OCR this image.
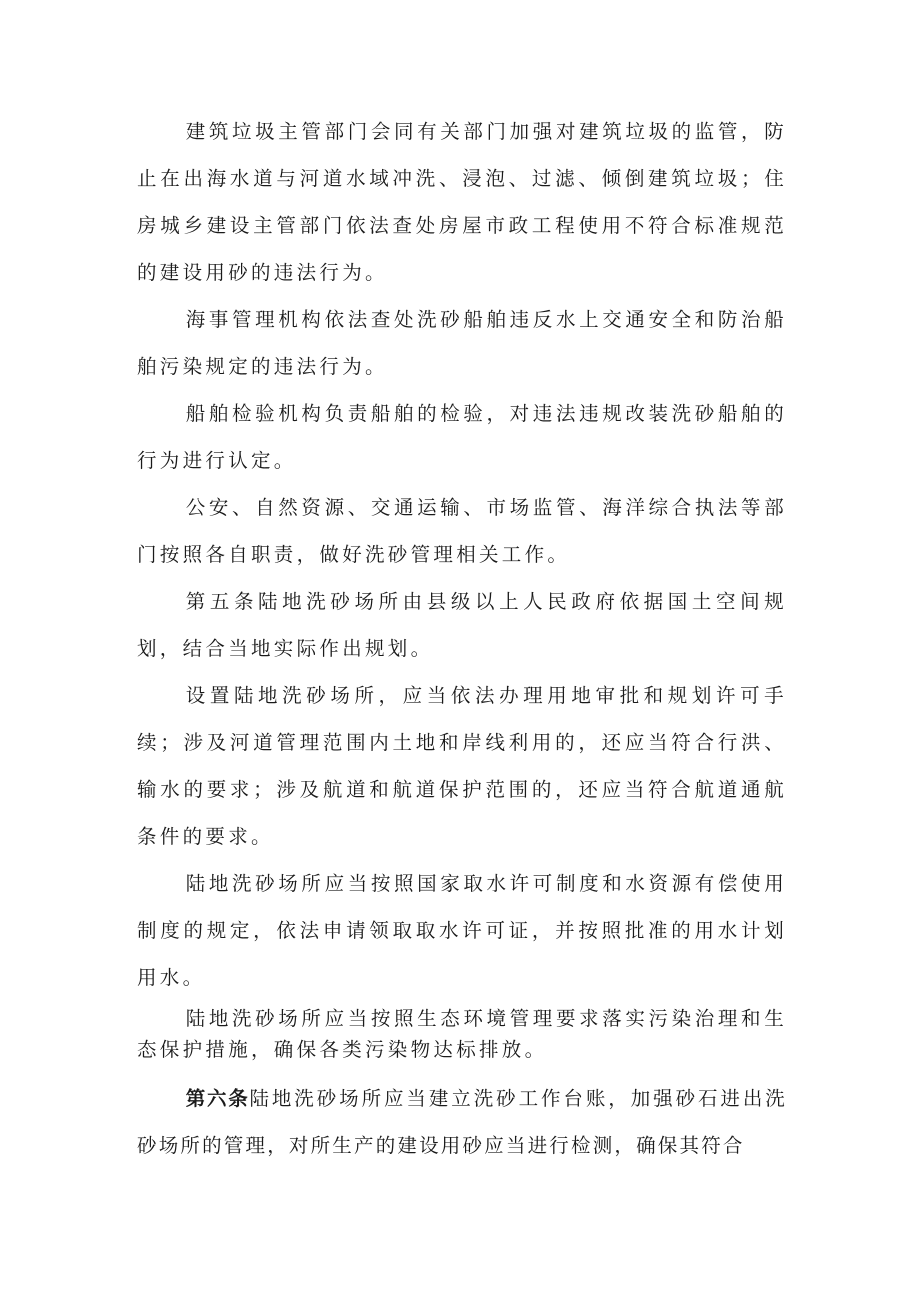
建筑垃圾主管部门会同有关部门加强对建筑垃圾的监管，防止在出海水道与河道水域冲洗、浸泡、过滤、倾倒建筑垃圾；住房城乡建设主管部门依法查处房屋市政工程使用不符合标准规范的建设用砂的违法行为。

海事管理机构依法查处洗砂船舶违反水上交通安全和防治船舶污染规定的违法行为。

船舶检验机构负责船舶的检验，对违法违规改装洗砂船舶的行为进行认定。

公安、自然资源、交通运输、市场监管、海洋综合执法等部门按照各自职责，做好洗砂管理相关工作。

第五条陆地洗砂场所由县级以上人民政府依据国土空间规划，结合当地实际作出规划。

设置陆地洗砂场所，应当依法办理用地审批和规划许可手续；涉及河道管理范围内土地和岸线利用的，还应当符合行洪、输水的要求；涉及航道和航道保护范围的，还应当符合航道通航条件的要求。

陆地洗砂场所应当按照国家取水许可制度和水资源有偿使用制度的规定，依法申请领取取水许可证，并按照批准的用水计划用水。

陆地洗砂场所应当按照生态环境管理要求落实污染治理和生态保护措施，确保各类污染物达标排放。

第六条陆地洗砂场所应当建立洗砂工作台账，加强砂石进出洗砂场所的管理，对所生产的建设用砂应当进行检测，确保其符合
